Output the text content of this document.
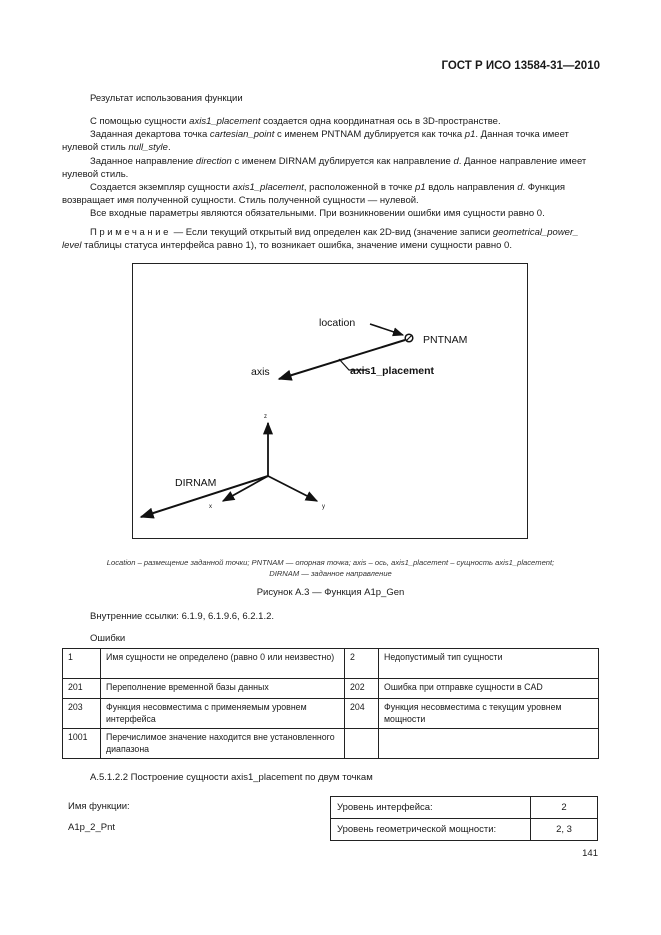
ГОСТ Р ИСО 13584-31—2010
Результат использования функции
С помощью сущности axis1_placement создается одна координатная ось в 3D-пространстве.
Заданная декартова точка cartesian_point с именем PNTNAM дублируется как точка p1. Данная точка имеет нулевой стиль null_style.
Заданное направление direction с именем DIRNAM дублируется как направление d. Данное направление имеет нулевой стиль.
Создается экземпляр сущности axis1_placement, расположенной в точке p1 вдоль направления d. Функция возвращает имя полученной сущности. Стиль полученной сущности — нулевой.
Все входные параметры являются обязательными. При возникновении ошибки имя сущности равно 0.
Примечание — Если текущий открытый вид определен как 2D-вид (значение записи geometrical_power_ level таблицы статуса интерфейса равно 1), то возникает ошибка, значение имени сущности равно 0.
location
PNTNAM
axis	axis1_placement
DIRNAM
z
x	y
Location – размещение заданной точки; PNTNAM — опорная точка; axis – ось, axis1_placement – сущность axis1_placement;
DIRNAM — заданное направление
Рисунок А.3 — Функция A1p_Gen
Внутренние ссылки: 6.1.9, 6.1.9.6, 6.2.1.2.
Ошибки
1	Имя сущности не определено (равно 0 или неизвестно)	2	Недопустимый тип сущности
201	Переполнение временной базы данных	202	Ошибка при отправке сущности в CAD
203	Функция несовместима с применяемым уровнем интерфейса	204	Функция несовместима с текущим уровнем мощности
1001	Перечислимое значение находится вне установленного диапазона		
А.5.1.2.2 Построение сущности axis1_placement по двум точкам
Имя функции:
A1p_2_Pnt
Уровень интерфейса:	2
Уровень геометрической мощности:	2, 3
141
